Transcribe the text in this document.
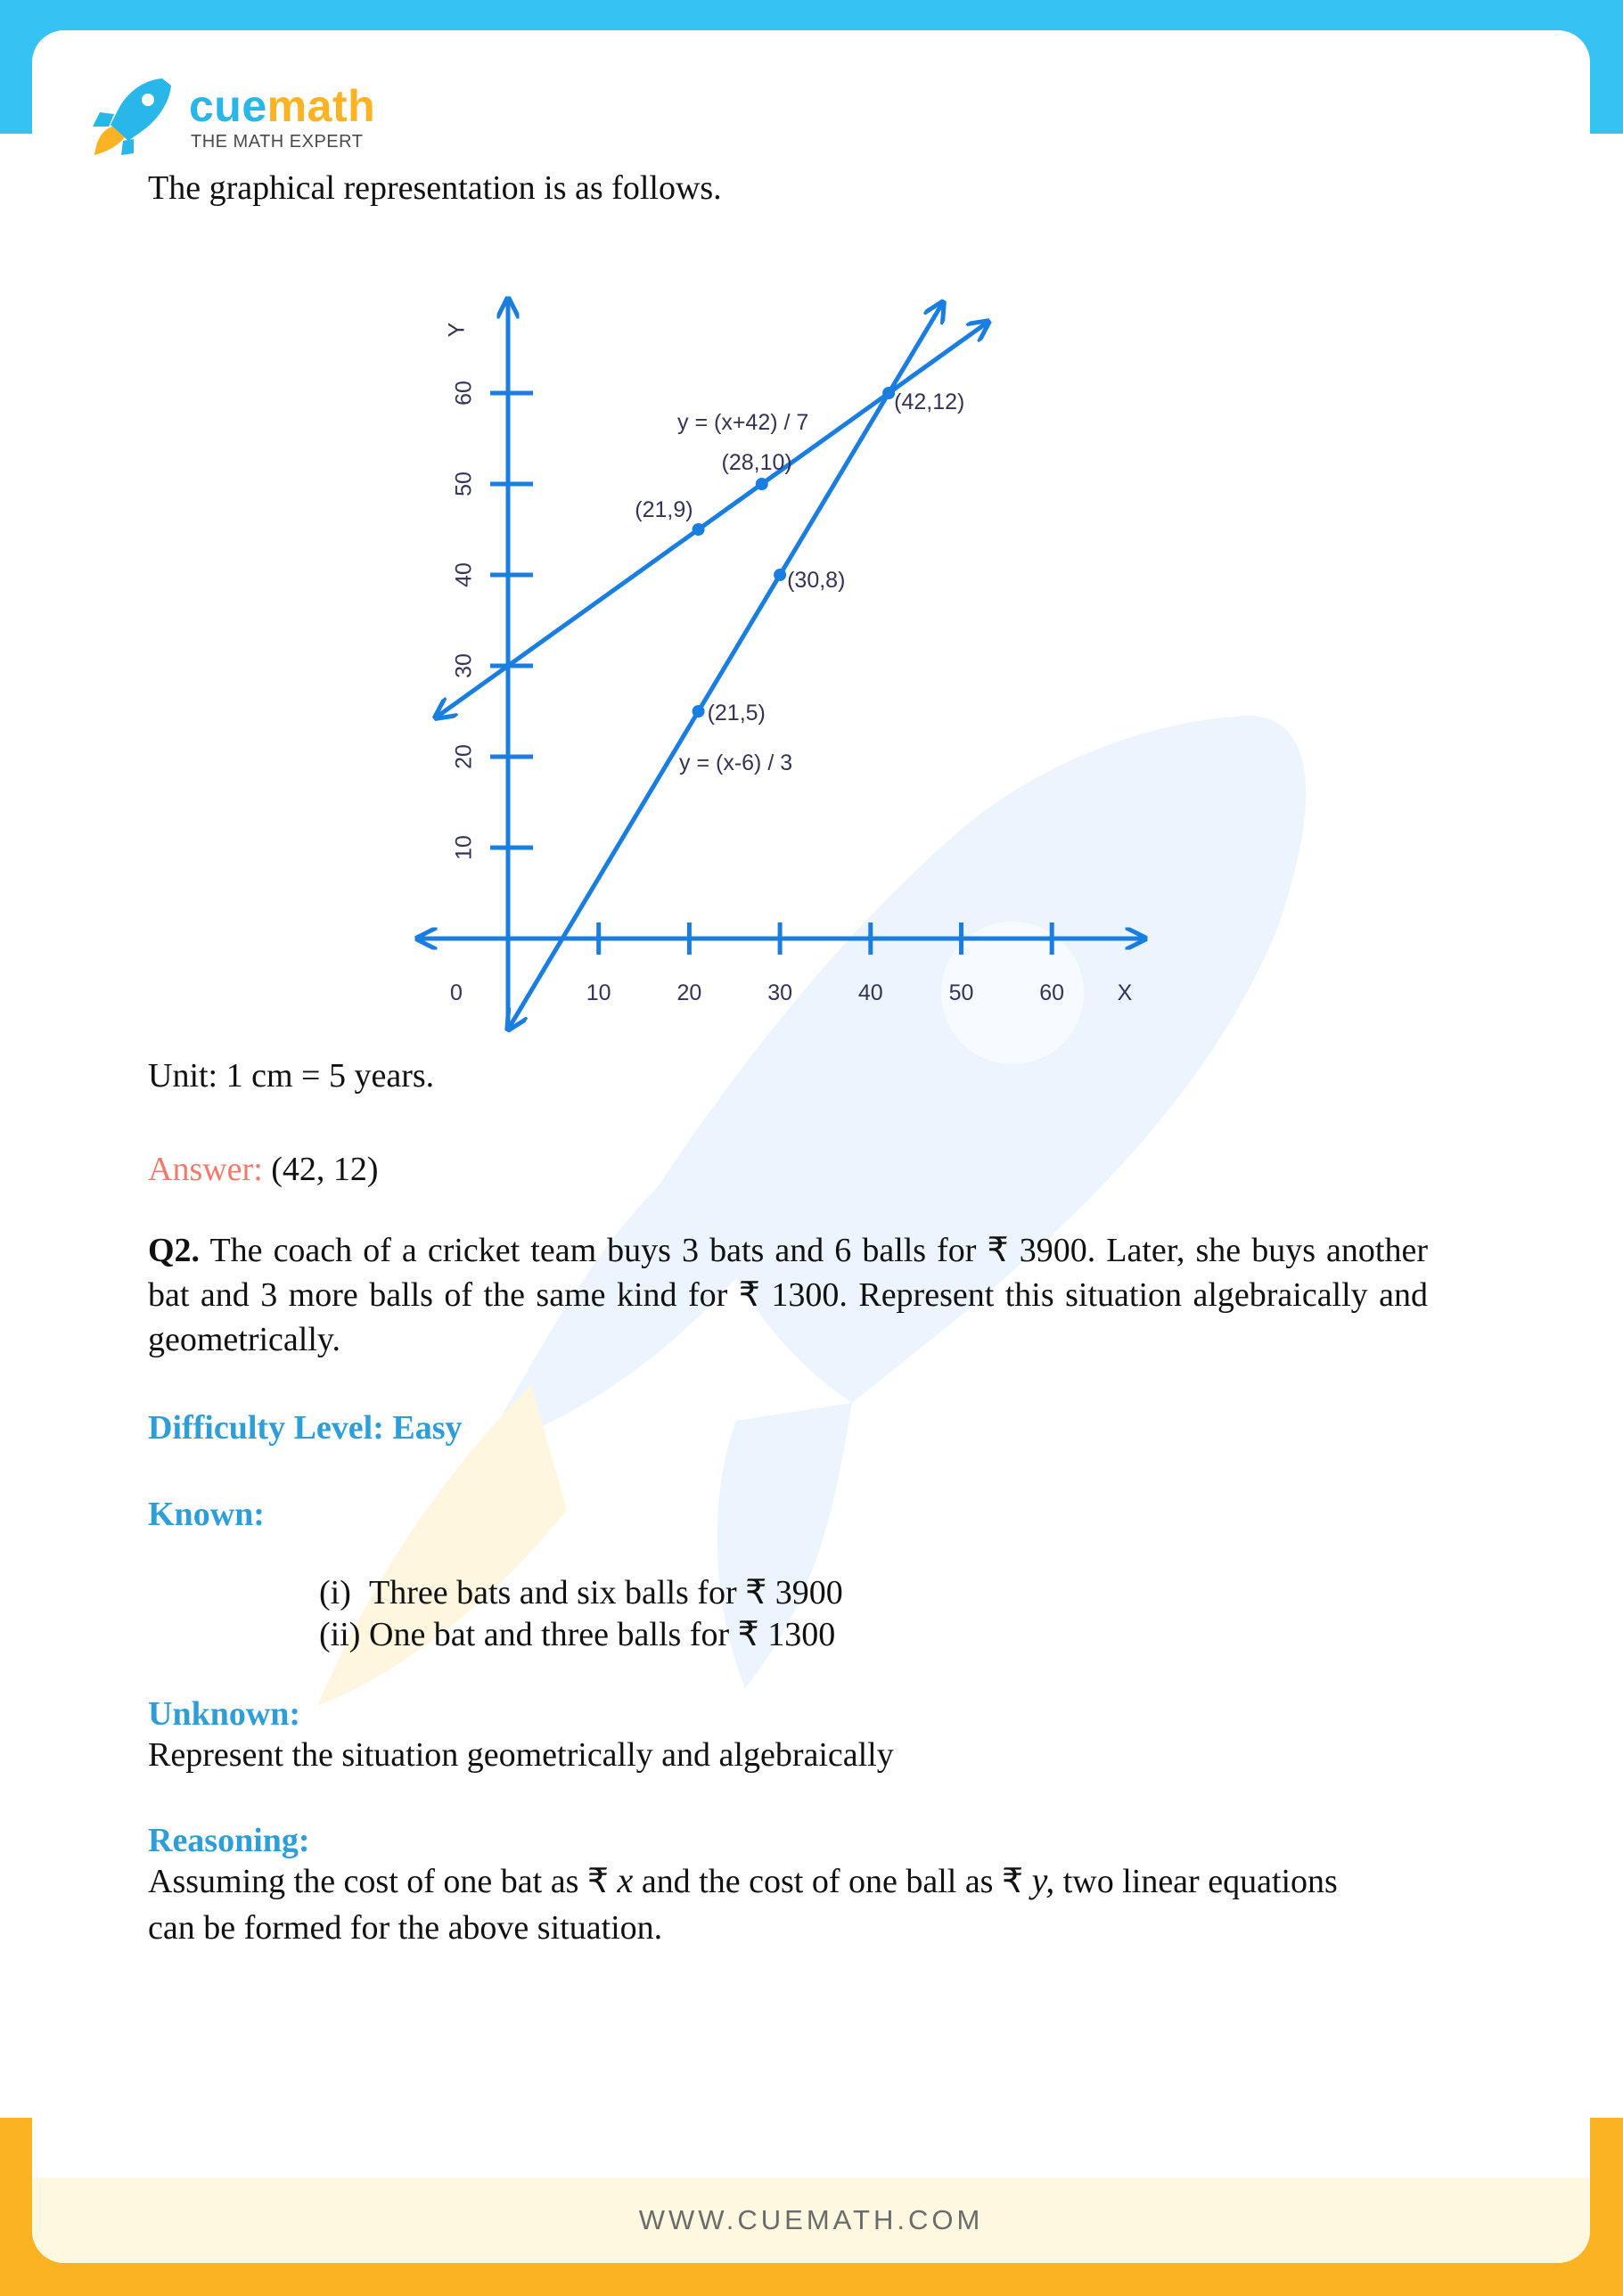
WWW.CUEMATH.COM
cuemath
THE MATH EXPERT
The graphical representation is as follows.
10	20	30	40	50	60
10
20
30
40
50
60
0	X
Y
(21,9)
(28,10)
(42,12)
(21,5)
(30,8)
y = (x+42) / 7
y = (x-6) / 3
Unit: 1 cm = 5 years.
Answer: (42, 12)
Q2. The coach of a cricket team buys 3 bats and 6 balls for ₹ 3900. Later, she buys another bat and 3 more balls of the same kind for ₹ 1300. Represent this situation algebraically and geometrically.
Difficulty Level: Easy
Known:
(i) Three bats and six balls for ₹ 3900
(ii) One bat and three balls for ₹ 1300
Unknown:
Represent the situation geometrically and algebraically
Reasoning:
Assuming the cost of one bat as ₹ x and the cost of one ball as ₹ y, two linear equations
can be formed for the above situation.
